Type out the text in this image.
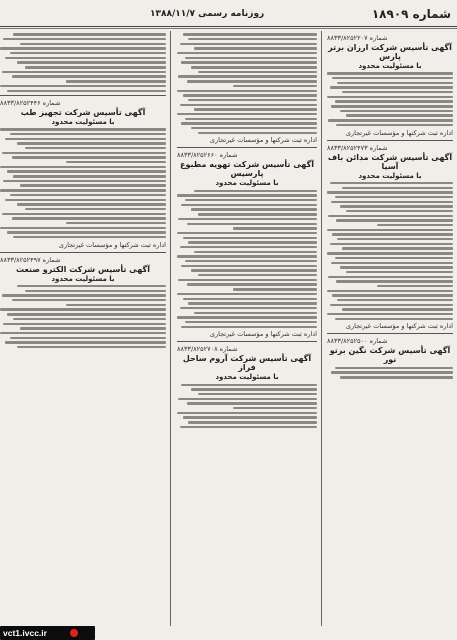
شماره ۱۸۹۰۹
روزنامه رسمی ۱۳۸۸/۱۱/۷
شماره ۸۸۳۳/۸۲۵۲۲۰۷
آگهی تأسیس شرکت ارزان برتر پارس
با مسئولیت محدود
اداره ثبت شرکتها و مؤسسات غیرتجاری
شماره ۸۸۳۳/۸۲۵۲۴۷۳
آگهی تأسیس شرکت مدائن باف آسیا
با مسئولیت محدود
اداره ثبت شرکتها و مؤسسات غیرتجاری
شماره ۸۸۳۳/۸۲۵۲۵۰۰
آگهی تأسیس شرکت نگین برتو نور
اداره ثبت شرکتها و مؤسسات غیرتجاری
شماره ۸۸۳۳/۸۲۵۲۶۶۰
آگهی تأسیس شرکت تهویه مطبوع پارسیس
با مسئولیت محدود
اداره ثبت شرکتها و مؤسسات غیرتجاری
شماره ۸۸۳۳/۸۲۵۲۷۰۸
آگهی تأسیس شرکت آروم ساحل فراز
با مسئولیت محدود
شماره ۸۸۳۳/۸۲۵۲۴۴۶
آگهی تأسیس شرکت تجهیز طب
با مسئولیت محدود
اداره ثبت شرکتها و مؤسسات غیرتجاری
شماره ۸۸۳۳/۸۲۵۲۴۹۷
آگهی تأسیس شرکت الکترو صنعت
با مسئولیت محدود
vct1.ivcc.ir
